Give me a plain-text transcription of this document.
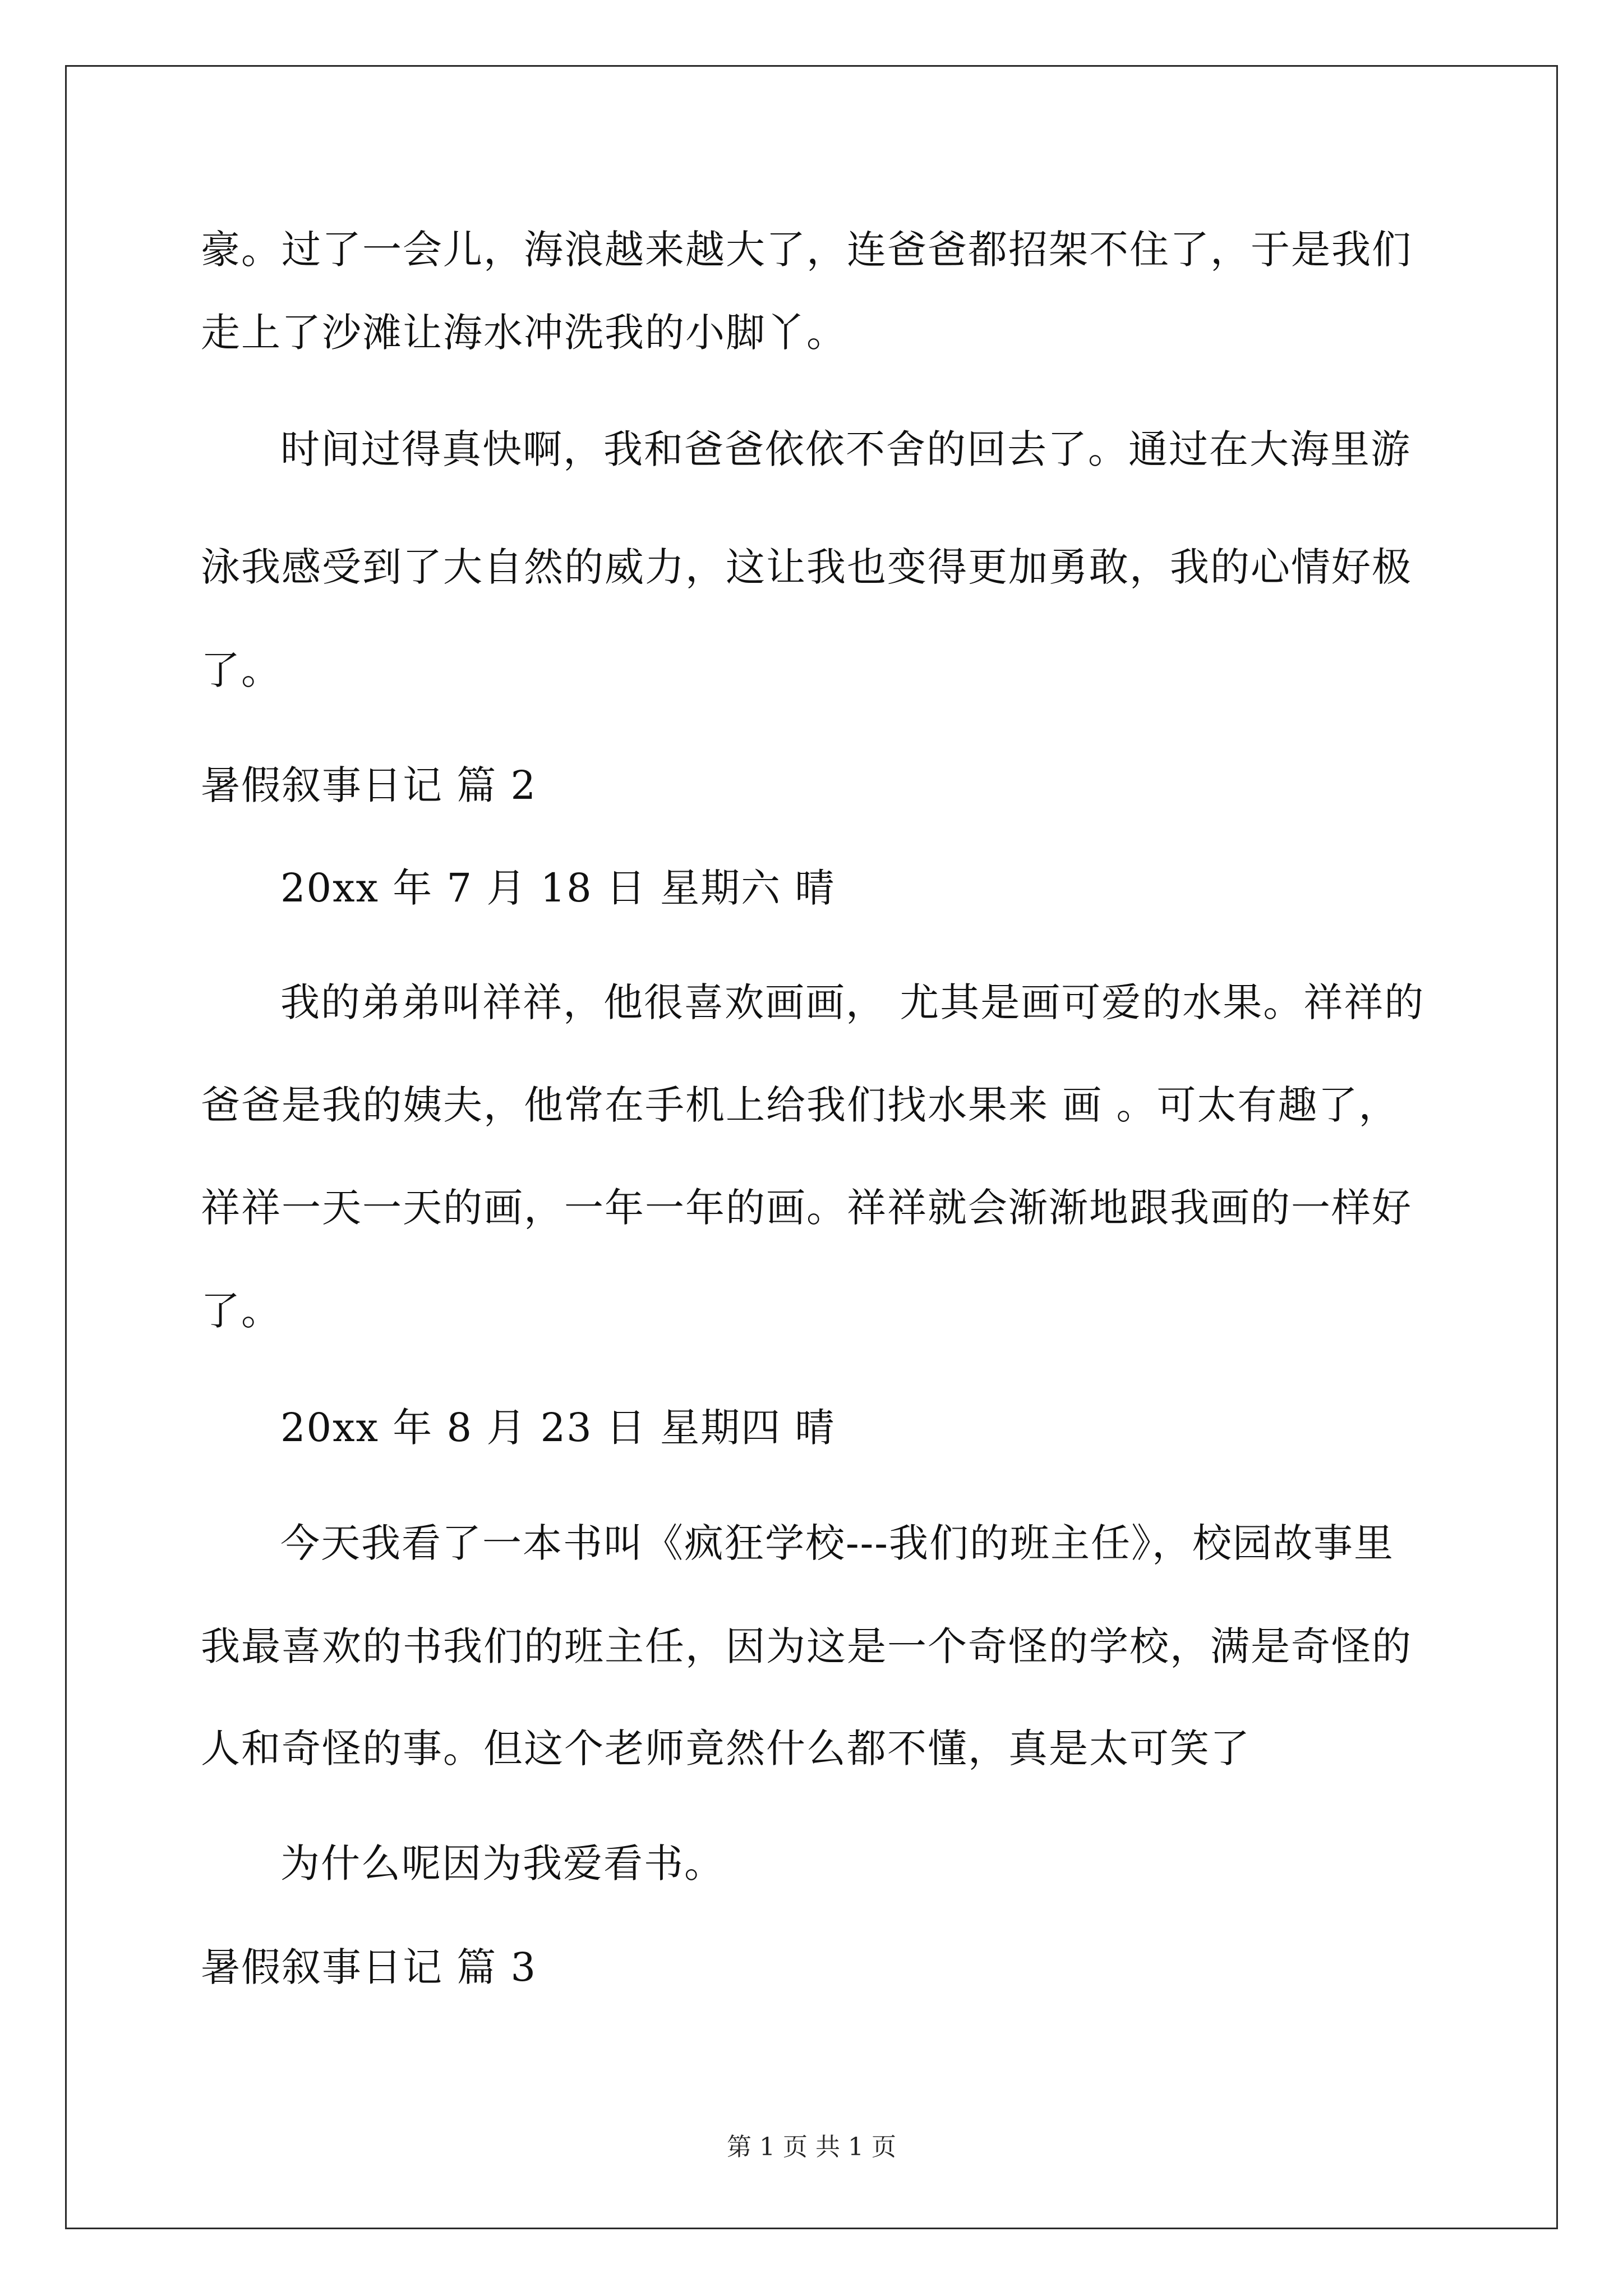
豪。过了一会儿，海浪越来越大了，连爸爸都招架不住了，于是我们
走上了沙滩让海水冲洗我的小脚丫。
时间过得真快啊，我和爸爸依依不舍的回去了。通过在大海里游
泳我感受到了大自然的威力，这让我也变得更加勇敢，我的心情好极
了。
暑假叙事日记 篇 2
20xx 年 7 月 18 日 星期六 晴
我的弟弟叫祥祥，他很喜欢画画， 尤其是画可爱的水果。祥祥的
爸爸是我的姨夫，他常在手机上给我们找水果来 画 。可太有趣了，
祥祥一天一天的画，一年一年的画。祥祥就会渐渐地跟我画的一样好
了。
20xx 年 8 月 23 日 星期四 晴
今天我看了一本书叫《疯狂学校---我们的班主任》，校园故事里
我最喜欢的书我们的班主任，因为这是一个奇怪的学校，满是奇怪的
人和奇怪的事。但这个老师竟然什么都不懂，真是太可笑了
为什么呢因为我爱看书。
暑假叙事日记 篇 3
第 1 页 共 1 页
